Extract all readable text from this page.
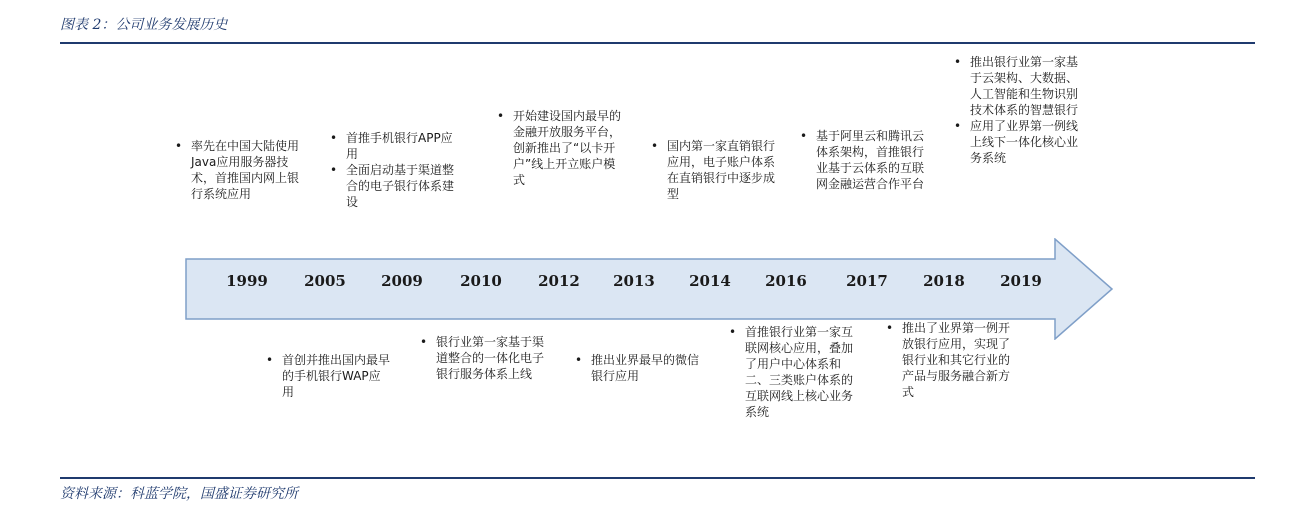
图表 2：公司业务发展历史
1999	2005	2009	2010	2012	2013	2014	2016	2017	2018	2019
• 率先在中国大陆使用Java应用服务器技术，首推国内网上银行系统应用
• 首推手机银行APP应用
• 全面启动基于渠道整合的电子银行体系建设
• 开始建设国内最早的金融开放服务平台，创新推出了“以卡开户”线上开立账户模式
• 国内第一家直销银行应用，电子账户体系在直销银行中逐步成型
• 基于阿里云和腾讯云体系架构，首推银行业基于云体系的互联网金融运营合作平台
• 推出银行业第一家基于云架构、大数据、人工智能和生物识别技术体系的智慧银行
• 应用了业界第一例线上线下一体化核心业务系统
• 首创并推出国内最早的手机银行WAP应用
• 银行业第一家基于渠道整合的一体化电子银行服务体系上线
• 推出业界最早的微信银行应用
• 首推银行业第一家互联网核心应用，叠加了用户中心体系和二、三类账户体系的互联网线上核心业务系统
• 推出了业界第一例开放银行应用，实现了银行业和其它行业的产品与服务融合新方式
资料来源：科蓝学院，国盛证券研究所
